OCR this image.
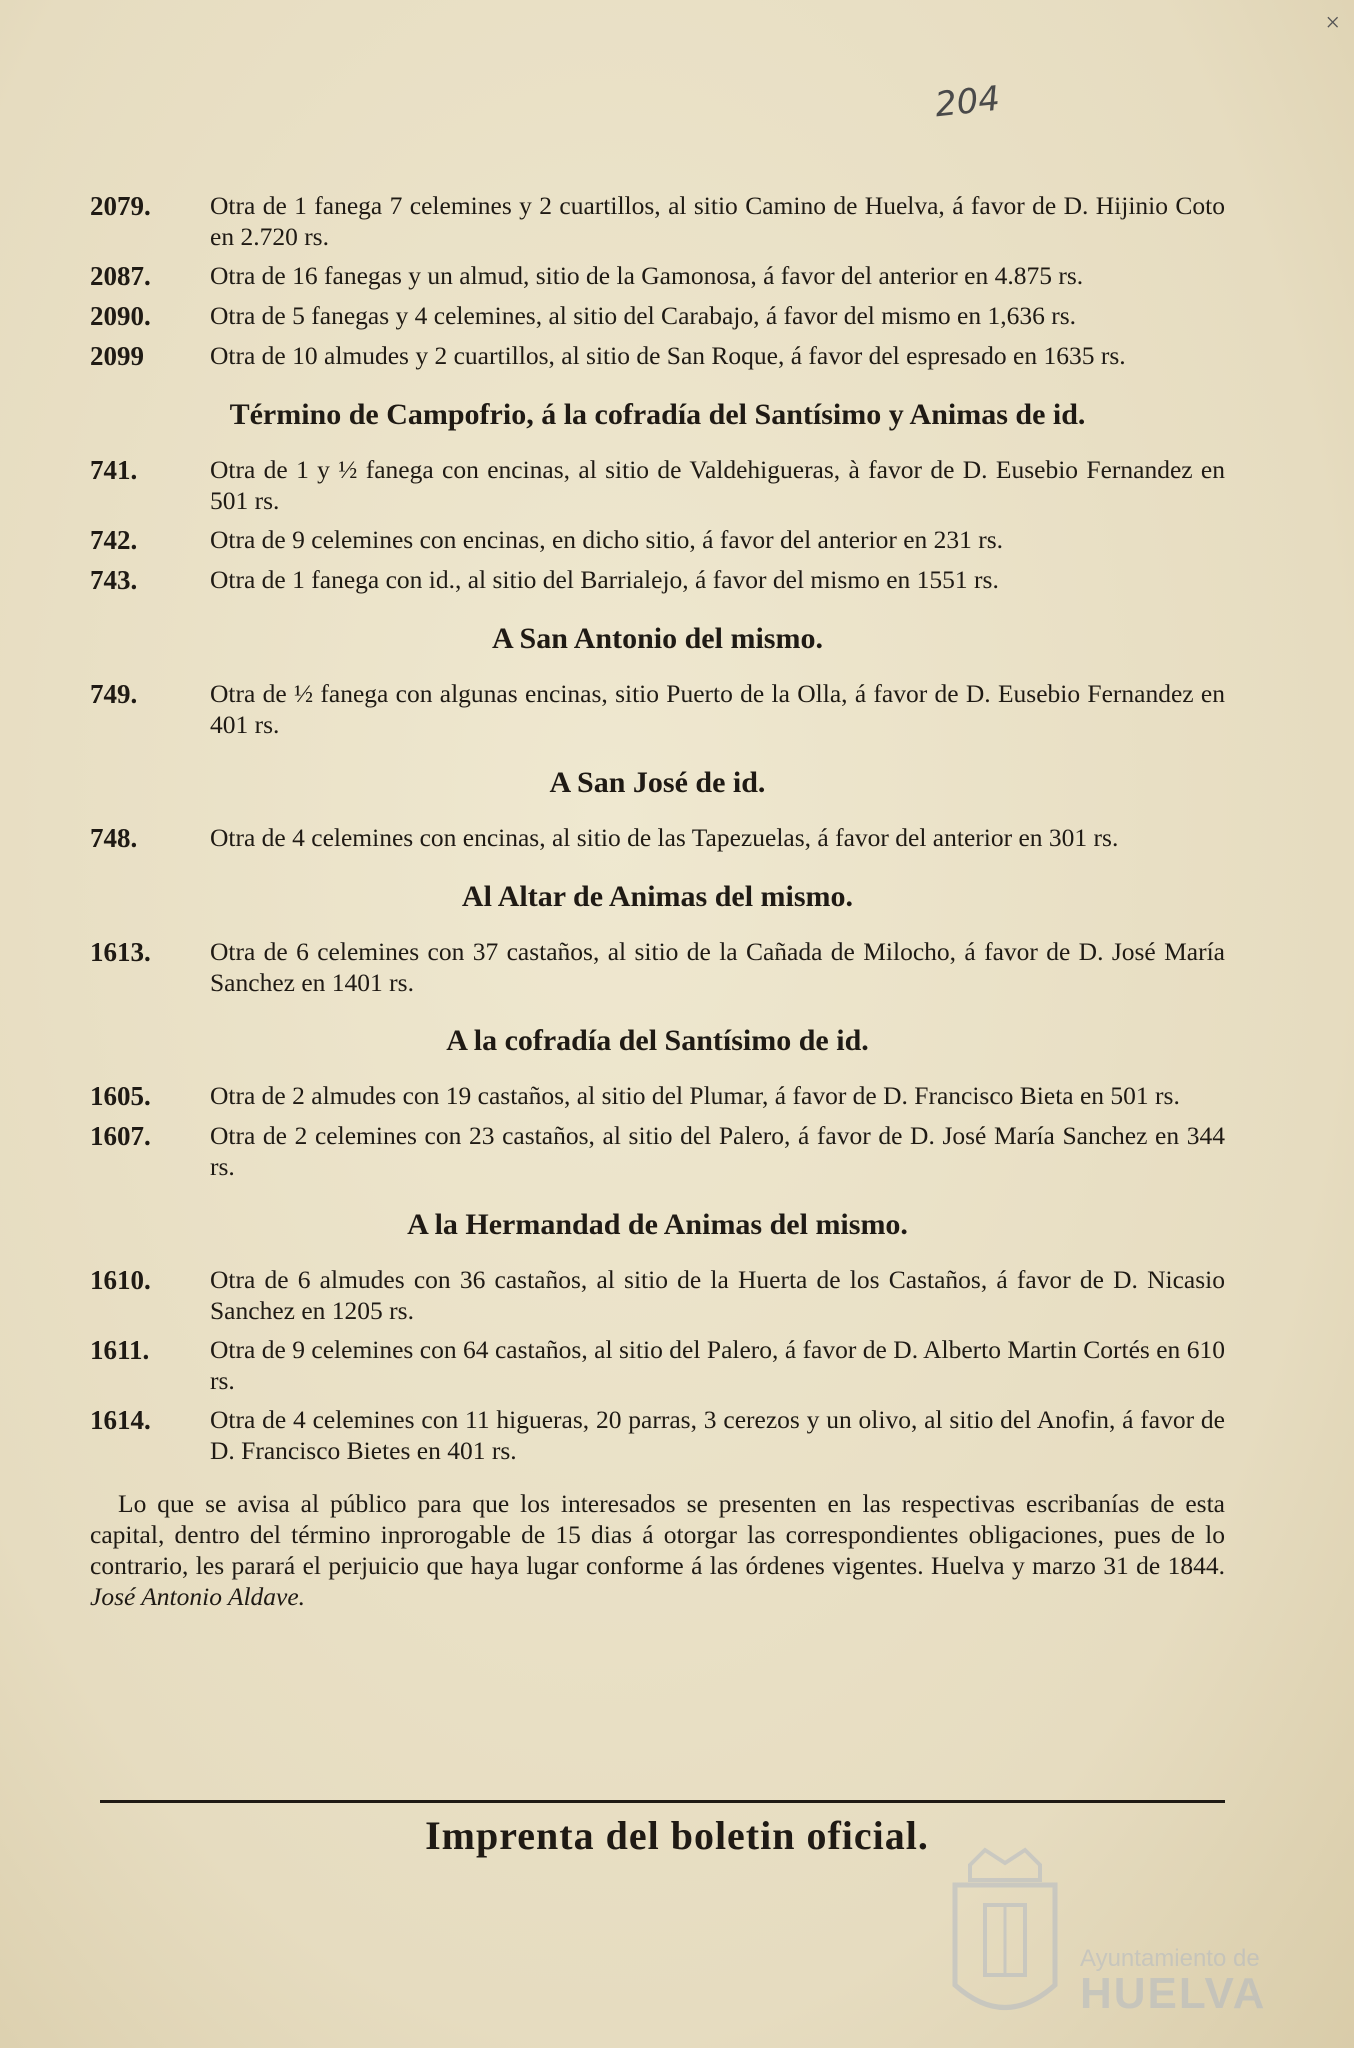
×
204
2079.	Otra de 1 fanega 7 celemines y 2 cuartillos, al sitio Camino de Huelva, á favor de D. Hijinio Coto en 2.720 rs.
2087.	Otra de 16 fanegas y un almud, sitio de la Gamonosa, á favor del anterior en 4.875 rs.
2090.	Otra de 5 fanegas y 4 celemines, al sitio del Carabajo, á favor del mismo en 1,636 rs.
2099	Otra de 10 almudes y 2 cuartillos, al sitio de San Roque, á favor del espresado en 1635 rs.
Término de Campofrio, á la cofradía del Santísimo y Animas de id.
741.	Otra de 1 y ½ fanega con encinas, al sitio de Valdehigueras, à favor de D. Eusebio Fernandez en 501 rs.
742.	Otra de 9 celemines con encinas, en dicho sitio, á favor del anterior en 231 rs.
743.	Otra de 1 fanega con id., al sitio del Barrialejo, á favor del mismo en 1551 rs.
A San Antonio del mismo.
749.	Otra de ½ fanega con algunas encinas, sitio Puerto de la Olla, á favor de D. Eusebio Fernandez en 401 rs.
A San José de id.
748.	Otra de 4 celemines con encinas, al sitio de las Tapezuelas, á favor del anterior en 301 rs.
Al Altar de Animas del mismo.
1613.	Otra de 6 celemines con 37 castaños, al sitio de la Cañada de Milocho, á favor de D. José María Sanchez en 1401 rs.
A la cofradía del Santísimo de id.
1605.	Otra de 2 almudes con 19 castaños, al sitio del Plumar, á favor de D. Francisco Bieta en 501 rs.
1607.	Otra de 2 celemines con 23 castaños, al sitio del Palero, á favor de D. José María Sanchez en 344 rs.
A la Hermandad de Animas del mismo.
1610.	Otra de 6 almudes con 36 castaños, al sitio de la Huerta de los Castaños, á favor de D. Nicasio Sanchez en 1205 rs.
1611.	Otra de 9 celemines con 64 castaños, al sitio del Palero, á favor de D. Alberto Martin Cortés en 610 rs.
1614.	Otra de 4 celemines con 11 higueras, 20 parras, 3 cerezos y un olivo, al sitio del Anofin, á favor de D. Francisco Bietes en 401 rs.

Lo que se avisa al público para que los interesados se presenten en las respectivas escribanías de esta capital, dentro del término inprorogable de 15 dias á otorgar las correspondientes obligaciones, pues de lo contrario, les parará el perjuicio que haya lugar conforme á las órdenes vigentes. Huelva y marzo 31 de 1844. José Antonio Aldave.

Imprenta del boletin oficial.
Ayuntamiento de
HUELVA
